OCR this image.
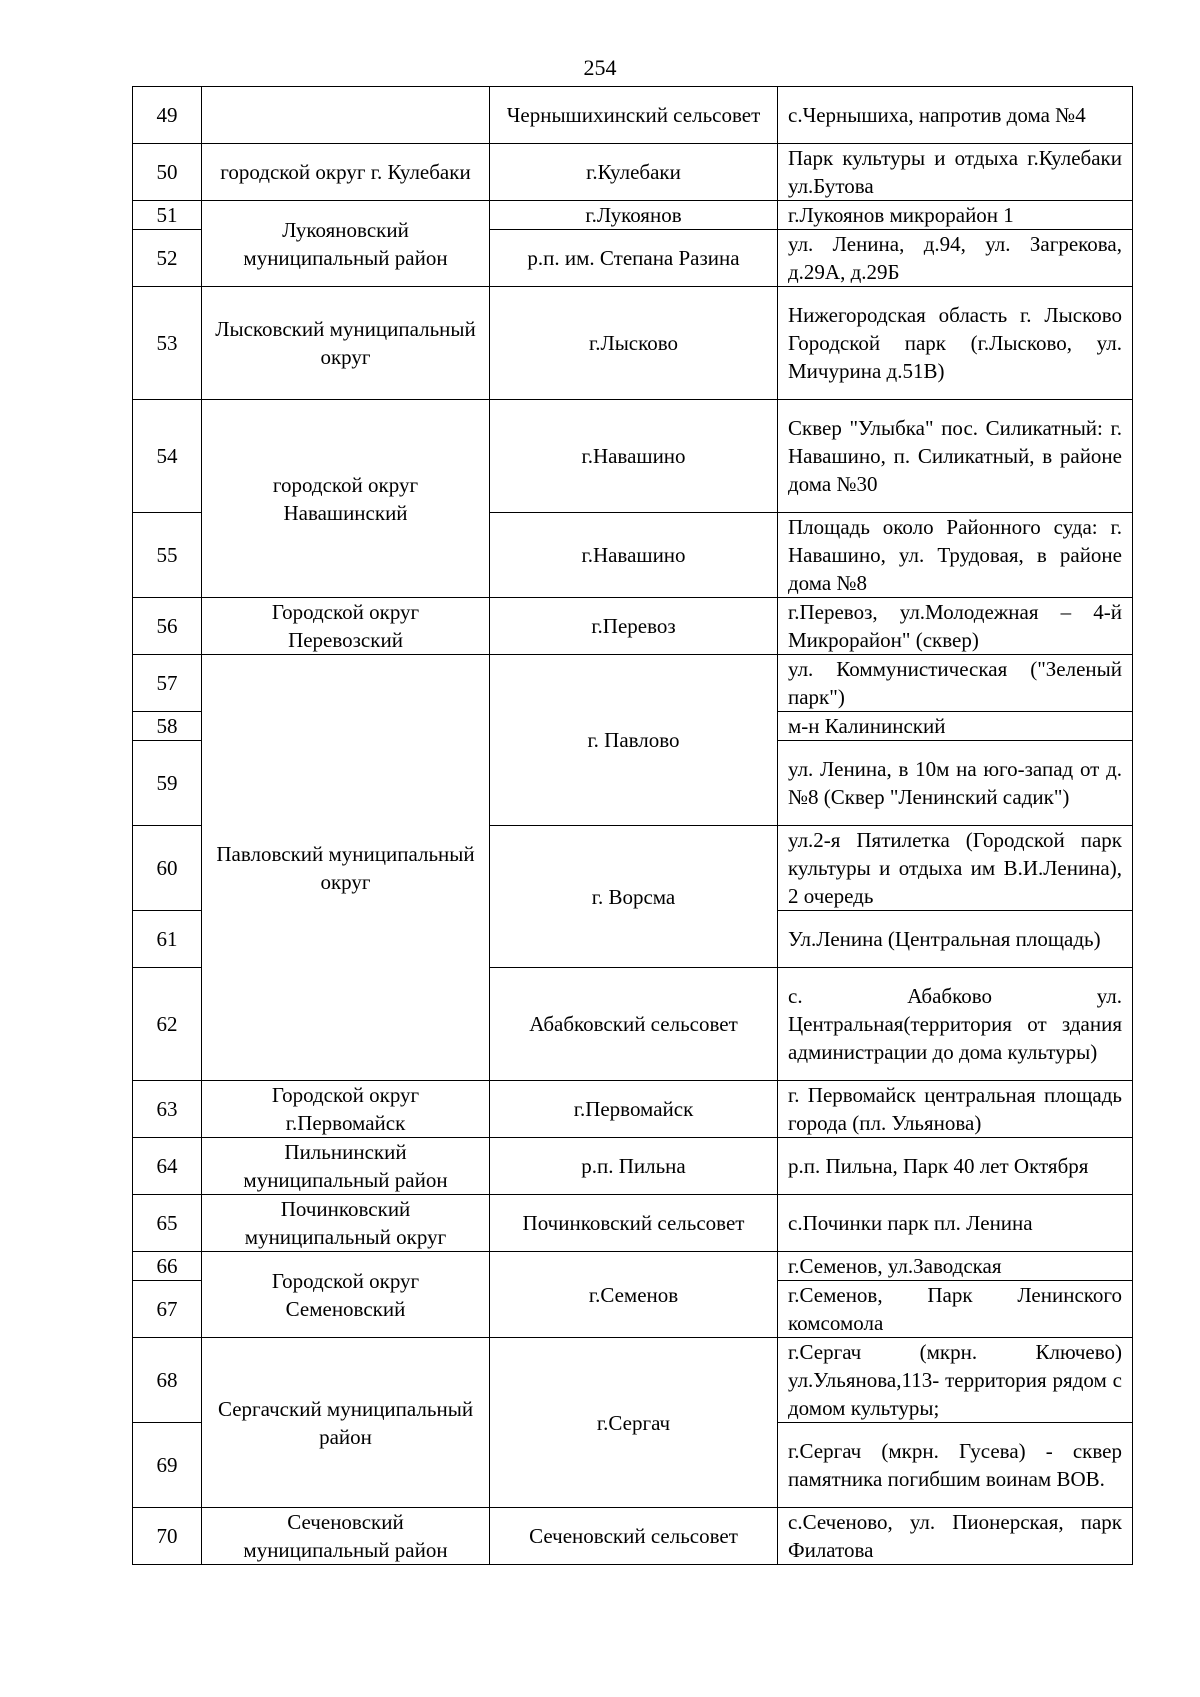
254
49		Чернышихинский сельсовет	с.Чернышиха, напротив дома №4
50	городской округ г. Кулебаки	г.Кулебаки	Парк культуры и отдыха г.Кулебаки ул.Бутова
51	Лукояновский муниципальный район	г.Лукоянов	г.Лукоянов микрорайон 1
52		р.п. им. Степана Разина	ул. Ленина, д.94, ул. Загрекова, д.29А, д.29Б
53	Лысковский муниципальный округ	г.Лысково	Нижегородская область г. Лысково Городской парк (г.Лысково, ул. Мичурина д.51В)
54	городской округ Навашинский	г.Навашино	Сквер "Улыбка" пос. Силикатный: г. Навашино, п. Силикатный, в районе дома №30
55		г.Навашино	Площадь около Районного суда: г. Навашино, ул. Трудовая, в районе дома №8
56	Городской округ Перевозский	г.Перевоз	г.Перевоз, ул.Молодежная – 4-й Микрорайон" (сквер)
57	Павловский муниципальный округ	г. Павлово	ул. Коммунистическая ("Зеленый парк")
58			м-н Калининский
59			ул. Ленина, в 10м на юго-запад от д.№8 (Сквер "Ленинский садик")
60		г. Ворсма	ул.2-я Пятилетка (Городской парк культуры и отдыха им В.И.Ленина), 2 очередь
61			Ул.Ленина (Центральная площадь)
62		Абабковский сельсовет	с. Абабково ул. Центральная(территория от здания администрации до дома культуры)
63	Городской округ г.Первомайск	г.Первомайск	г. Первомайск центральная площадь города (пл. Ульянова)
64	Пильнинский муниципальный район	р.п. Пильна	р.п. Пильна, Парк 40 лет Октября
65	Починковский муниципальный округ	Починковский сельсовет	с.Починки парк пл. Ленина
66	Городской округ Семеновский	г.Семенов	г.Семенов, ул.Заводская
67			г.Семенов, Парк Ленинского комсомола
68	Сергачский муниципальный район	г.Сергач	г.Сергач (мкрн. Ключево) ул.Ульянова,113- территория рядом с домом культуры;
69			г.Сергач (мкрн. Гусева) - сквер памятника погибшим воинам ВОВ.
70	Сеченовский муниципальный район	Сеченовский сельсовет	с.Сеченово, ул. Пионерская, парк Филатова
